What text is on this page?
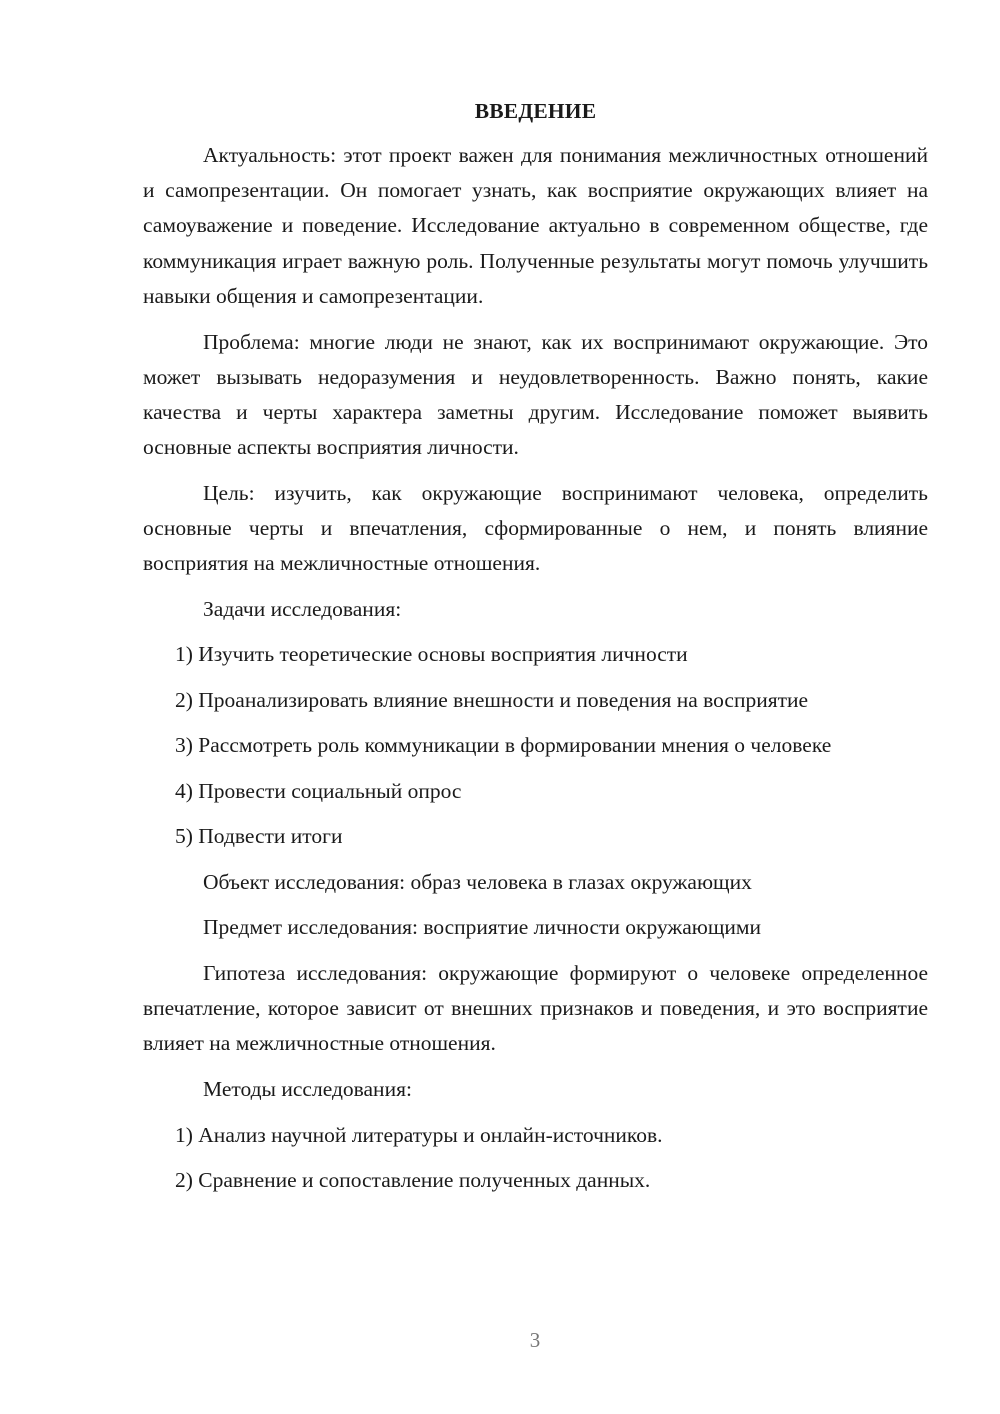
ВВЕДЕНИЕ

Актуальность: этот проект важен для понимания межличностных отношений и самопрезентации. Он помогает узнать, как восприятие окружающих влияет на самоуважение и поведение. Исследование актуально в современном обществе, где коммуникация играет важную роль. Полученные результаты могут помочь улучшить навыки общения и самопрезентации.

Проблема: многие люди не знают, как их воспринимают окружающие. Это может вызывать недоразумения и неудовлетворенность. Важно понять, какие качества и черты характера заметны другим. Исследование поможет выявить основные аспекты восприятия личности.

Цель: изучить, как окружающие воспринимают человека, определить основные черты и впечатления, сформированные о нем, и понять влияние восприятия на межличностные отношения.

Задачи исследования:

1) Изучить теоретические основы восприятия личности

2) Проанализировать влияние внешности и поведения на восприятие

3) Рассмотреть роль коммуникации в формировании мнения о человеке

4) Провести социальный опрос

5) Подвести итоги

Объект исследования: образ человека в глазах окружающих

Предмет исследования: восприятие личности окружающими

Гипотеза исследования: окружающие формируют о человеке определенное впечатление, которое зависит от внешних признаков и поведения, и это восприятие влияет на межличностные отношения.

Методы исследования:

1) Анализ научной литературы и онлайн-источников.

2) Сравнение и сопоставление полученных данных.

3
